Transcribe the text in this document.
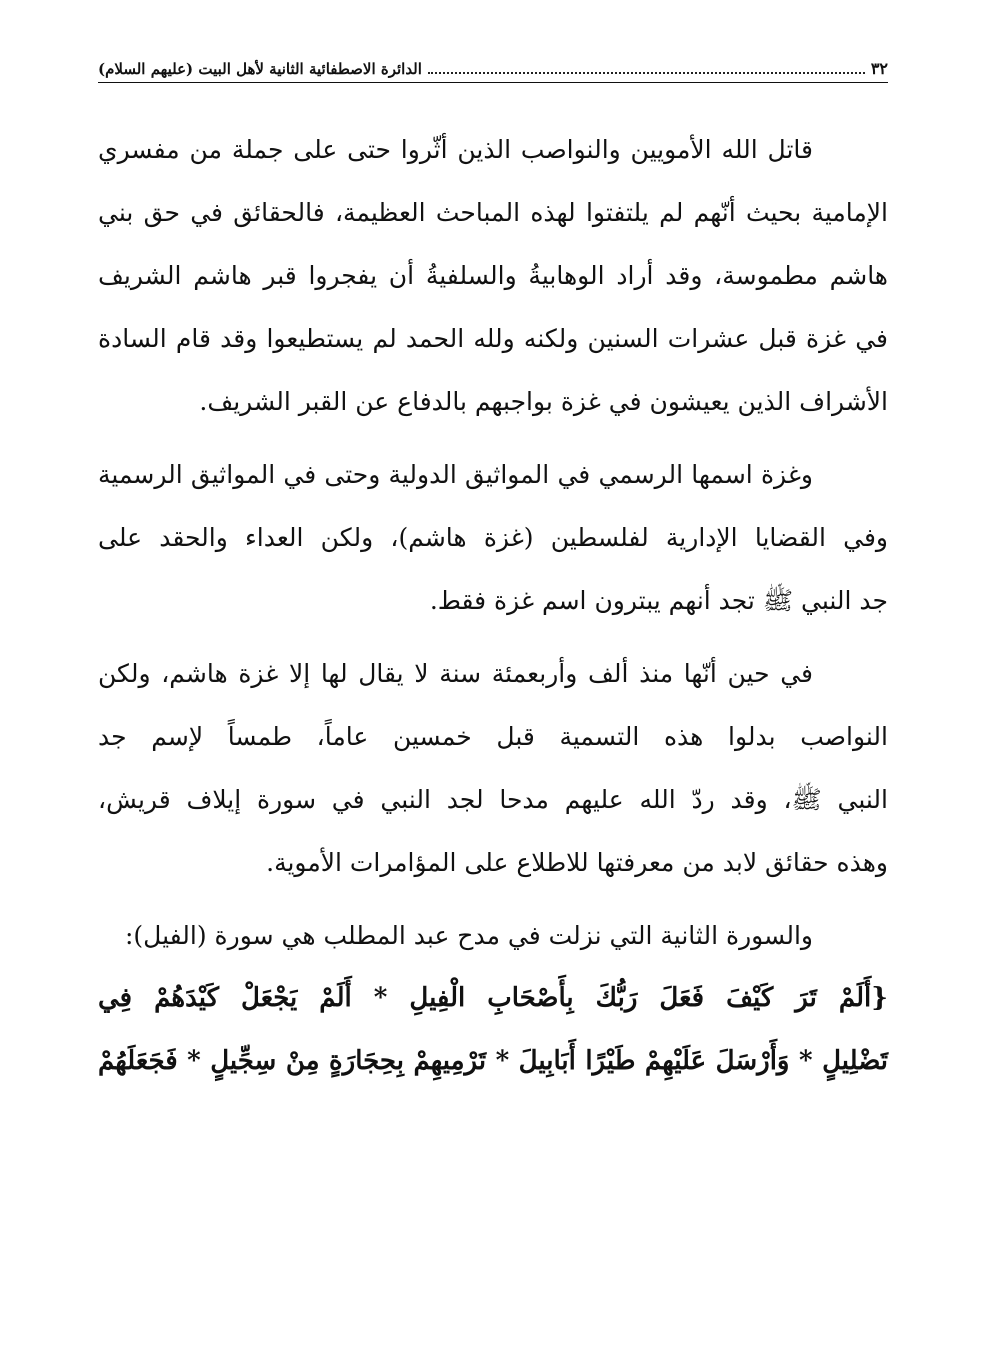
٣٢
الدائرة الاصطفائية الثانية لأهل البيت (عليهم السلام)
قاتل الله الأمويين والنواصب الذين أثّروا حتى على جملة من مفسري
الإمامية بحيث أنّهم لم يلتفتوا لهذه المباحث العظيمة، فالحقائق في حق بني
هاشم مطموسة، وقد أراد الوهابيةُ والسلفيةُ أن يفجروا قبر هاشم الشريف
في غزة قبل عشرات السنين ولكنه ولله الحمد لم يستطيعوا وقد قام السادة
الأشراف الذين يعيشون في غزة بواجبهم بالدفاع عن القبر الشريف.
وغزة اسمها الرسمي في المواثيق الدولية وحتى في المواثيق الرسمية
وفي القضايا الإدارية لفلسطين (غزة هاشم)، ولكن العداء والحقد على
جد النبي ﷺ تجد أنهم يبترون اسم غزة فقط.
في حين أنّها منذ ألف وأربعمئة سنة لا يقال لها إلا غزة هاشم، ولكن
النواصب بدلوا هذه التسمية قبل خمسين عاماً، طمساً لإسم جد
النبي ﷺ، وقد ردّ الله عليهم مدحا لجد النبي في سورة إيلاف قريش،
وهذه حقائق لابد من معرفتها للاطلاع على المؤامرات الأموية.
والسورة الثانية التي نزلت في مدح عبد المطلب هي سورة (الفيل):
{أَلَمْ تَرَ كَيْفَ فَعَلَ رَبُّكَ بِأَصْحَابِ الْفِيلِ * أَلَمْ يَجْعَلْ كَيْدَهُمْ فِي
تَضْلِيلٍ * وَأَرْسَلَ عَلَيْهِمْ طَيْرًا أَبَابِيلَ * تَرْمِيهِمْ بِحِجَارَةٍ مِنْ سِجِّيلٍ * فَجَعَلَهُمْ
